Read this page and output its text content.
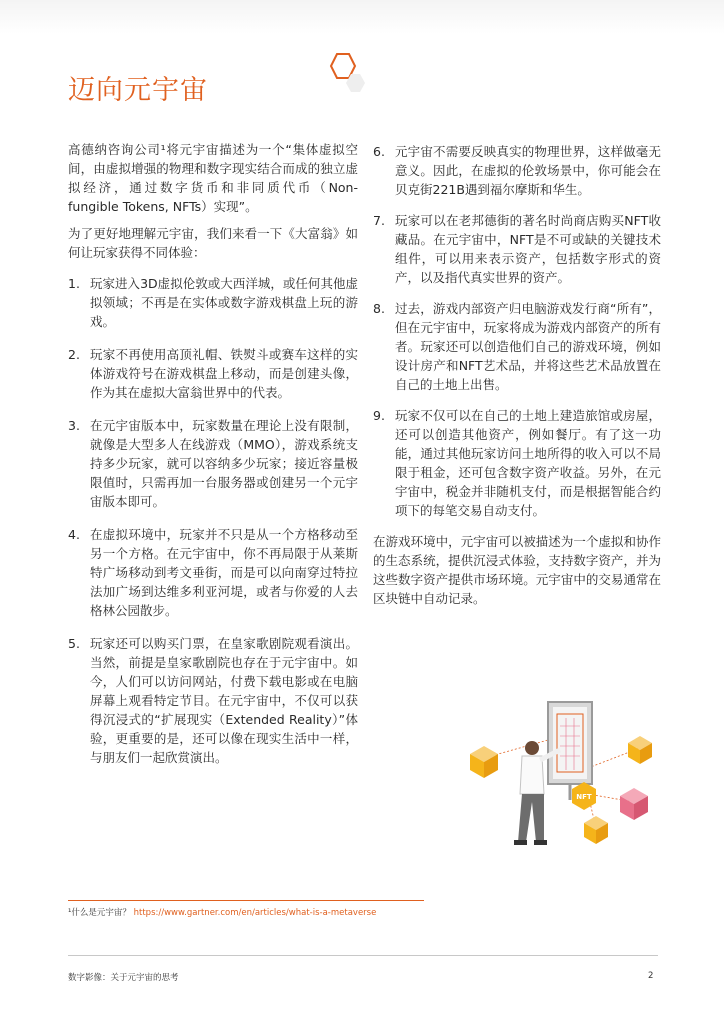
迈向元宇宙

高德纳咨询公司¹将元宇宙描述为一个“集体虚拟空间，由虚拟增强的物理和数字现实结合而成的独立虚拟经济，通过数字货币和非同质代币（Non-fungible Tokens, NFTs）实现”。

为了更好地理解元宇宙，我们来看一下《大富翁》如何让玩家获得不同体验：

1. 玩家进入3D虚拟伦敦或大西洋城，或任何其他虚拟领域；不再是在实体或数字游戏棋盘上玩的游戏。
2. 玩家不再使用高顶礼帽、铁熨斗或赛车这样的实体游戏符号在游戏棋盘上移动，而是创建头像，作为其在虚拟大富翁世界中的代表。
3. 在元宇宙版本中，玩家数量在理论上没有限制，就像是大型多人在线游戏（MMO），游戏系统支持多少玩家，就可以容纳多少玩家；接近容量极限值时，只需再加一台服务器或创建另一个元宇宙版本即可。
4. 在虚拟环境中，玩家并不只是从一个方格移动至另一个方格。在元宇宙中，你不再局限于从莱斯特广场移动到考文垂街，而是可以向南穿过特拉法加广场到达维多利亚河堤，或者与你爱的人去格林公园散步。
5. 玩家还可以购买门票，在皇家歌剧院观看演出。当然，前提是皇家歌剧院也存在于元宇宙中。如今，人们可以访问网站，付费下载电影或在电脑屏幕上观看特定节目。在元宇宙中，不仅可以获得沉浸式的“扩展现实（Extended Reality）”体验，更重要的是，还可以像在现实生活中一样，与朋友们一起欣赏演出。
6. 元宇宙不需要反映真实的物理世界，这样做毫无意义。因此，在虚拟的伦敦场景中，你可能会在贝克街221B遇到福尔摩斯和华生。
7. 玩家可以在老邦德街的著名时尚商店购买NFT收藏品。在元宇宙中，NFT是不可或缺的关键技术组件，可以用来表示资产，包括数字形式的资产，以及指代真实世界的资产。
8. 过去，游戏内部资产归电脑游戏发行商“所有”，但在元宇宙中，玩家将成为游戏内部资产的所有者。玩家还可以创造他们自己的游戏环境，例如设计房产和NFT艺术品，并将这些艺术品放置在自己的土地上出售。
9. 玩家不仅可以在自己的土地上建造旅馆或房屋，还可以创造其他资产，例如餐厅。有了这一功能，通过其他玩家访问土地所得的收入可以不局限于租金，还可包含数字资产收益。另外，在元宇宙中，税金并非随机支付，而是根据智能合约项下的每笔交易自动支付。

在游戏环境中，元宇宙可以被描述为一个虚拟和协作的生态系统，提供沉浸式体验，支持数字资产，并为这些数字资产提供市场环境。元宇宙中的交易通常在区块链中自动记录。

NFT
¹什么是元宇宙？ https://www.gartner.com/en/articles/what-is-a-metaverse
数字影像：关于元宇宙的思考	2
